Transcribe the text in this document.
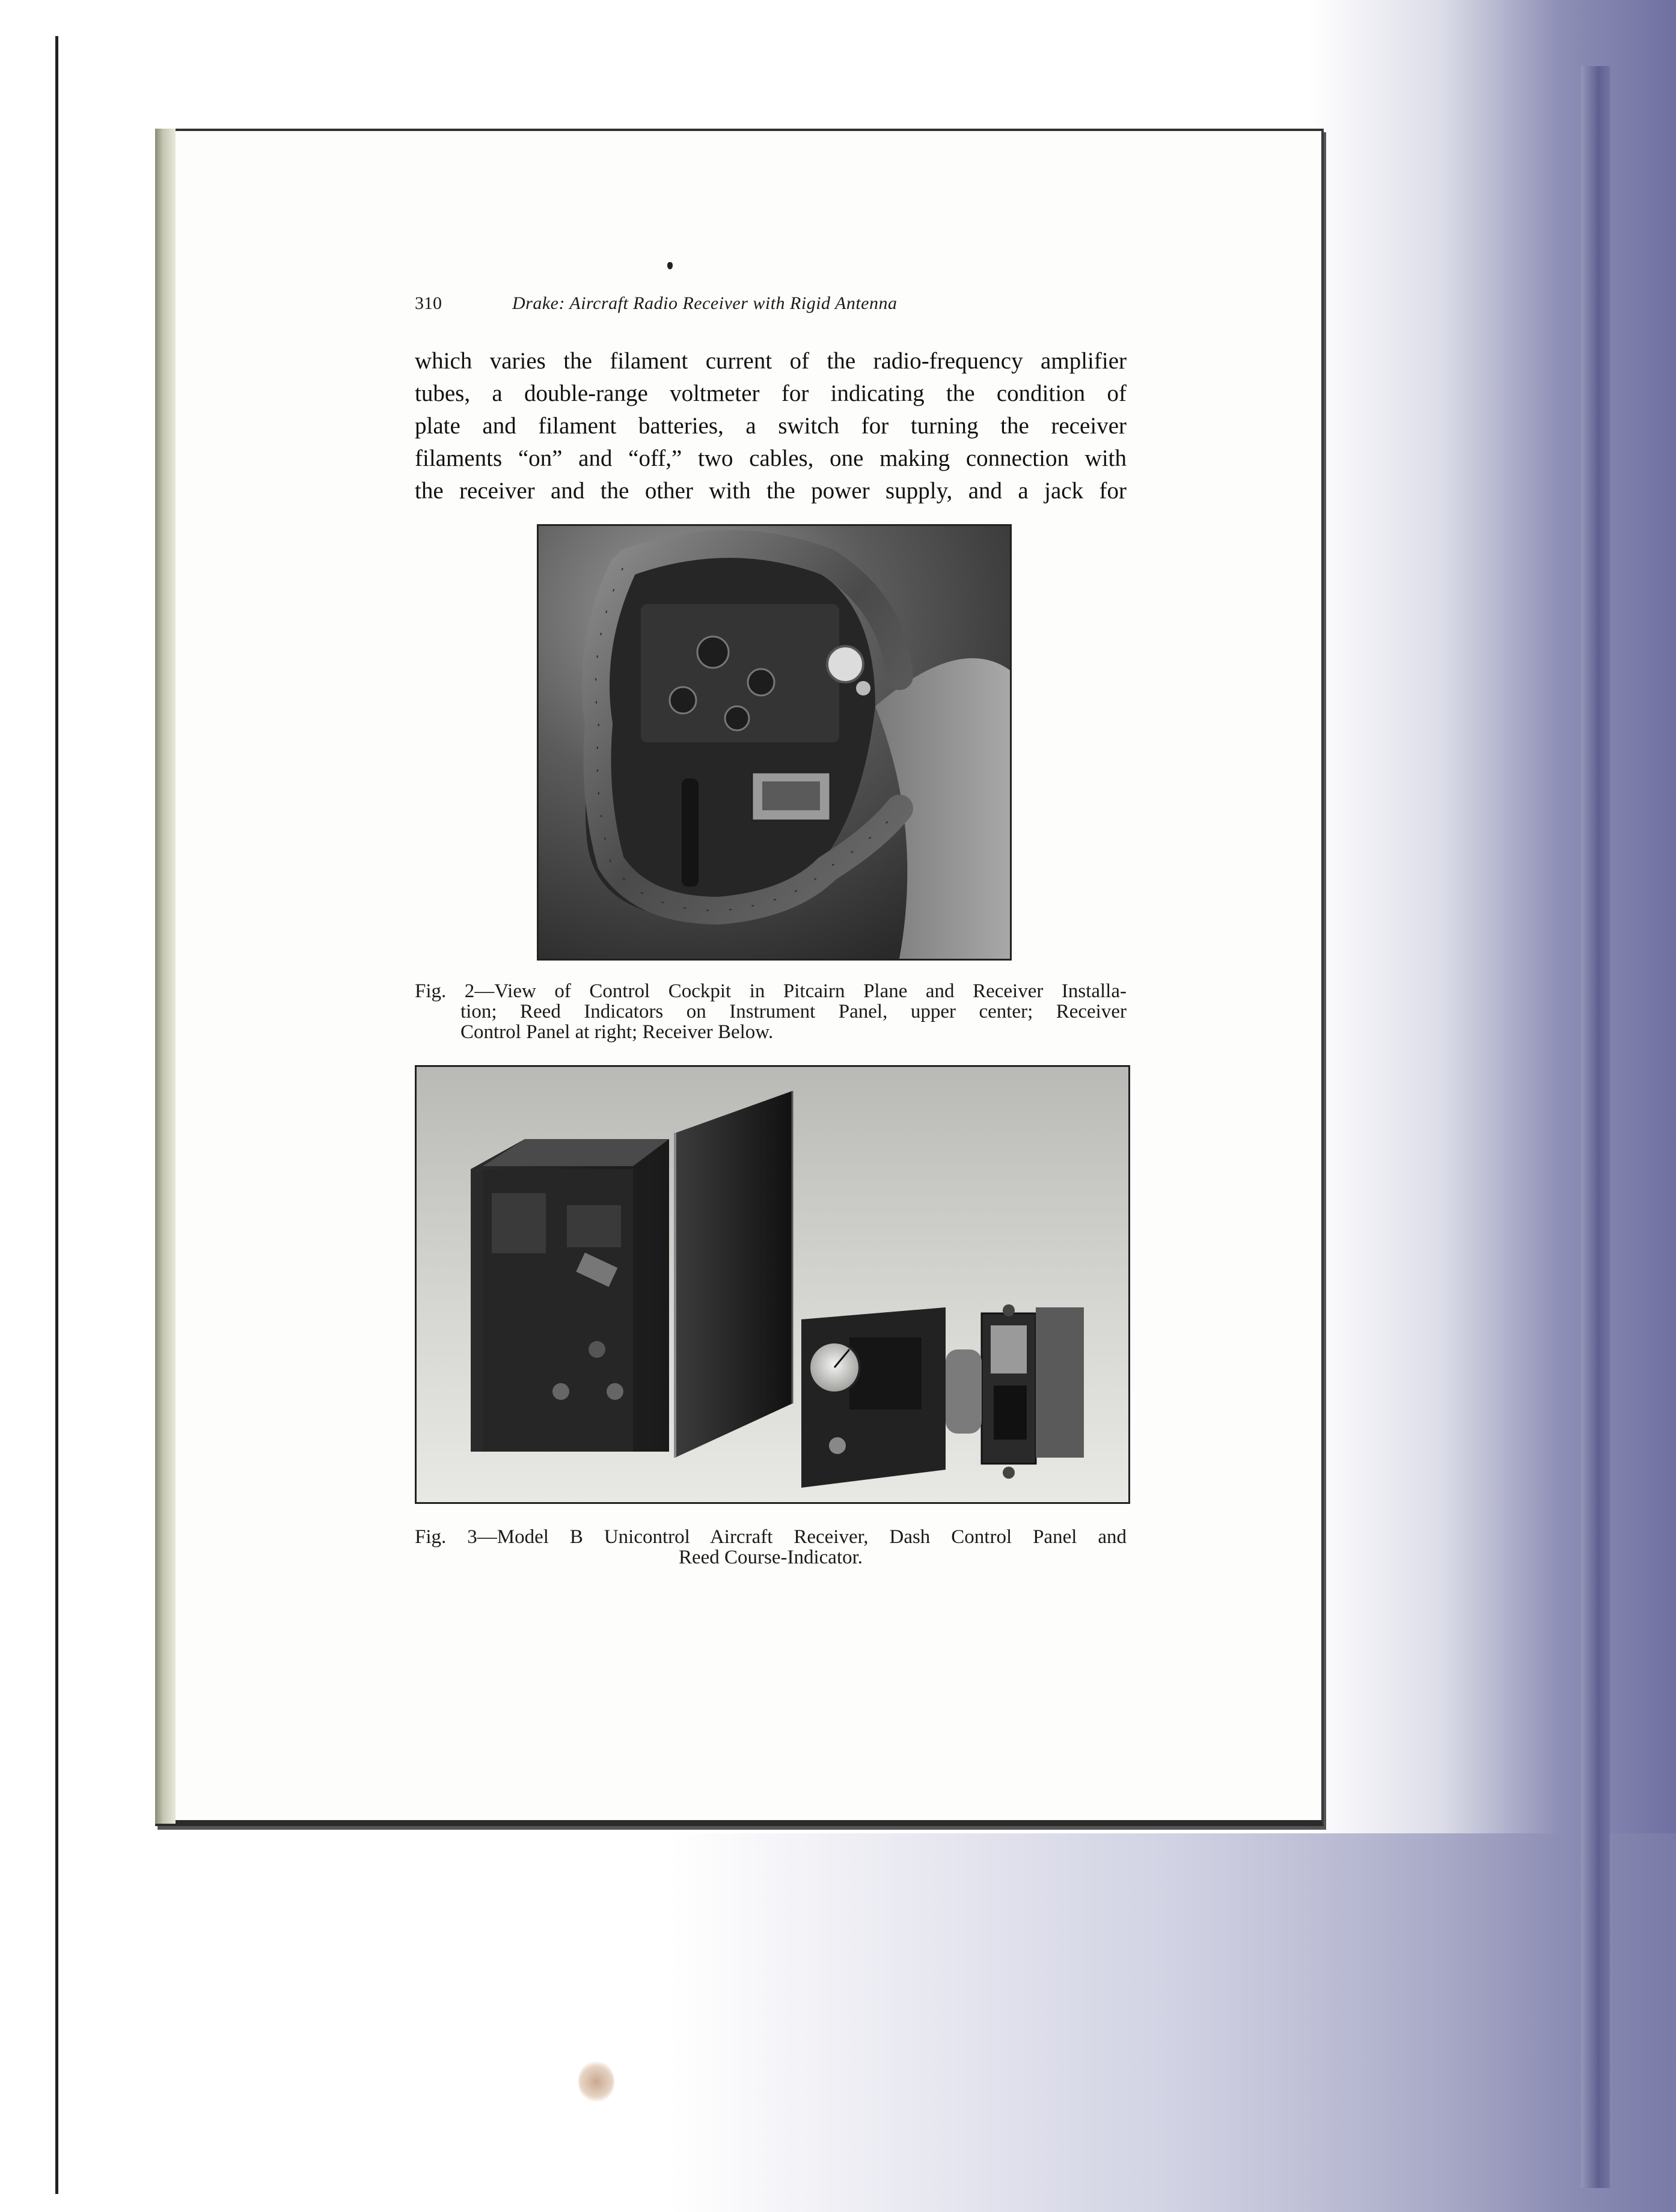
310	Drake: Aircraft Radio Receiver with Rigid Antenna
which varies the filament current of the radio-frequency amplifier
tubes, a double-range voltmeter for indicating the condition of
plate and filament batteries, a switch for turning the receiver
filaments “on” and “off,” two cables, one making connection with
the receiver and the other with the power supply, and a jack for
Fig. 2—View of Control Cockpit in Pitcairn Plane and Receiver Installa-
tion; Reed Indicators on Instrument Panel, upper center; Receiver
Control Panel at right; Receiver Below.
Fig. 3—Model B Unicontrol Aircraft Receiver, Dash Control Panel and
Reed Course-Indicator.
